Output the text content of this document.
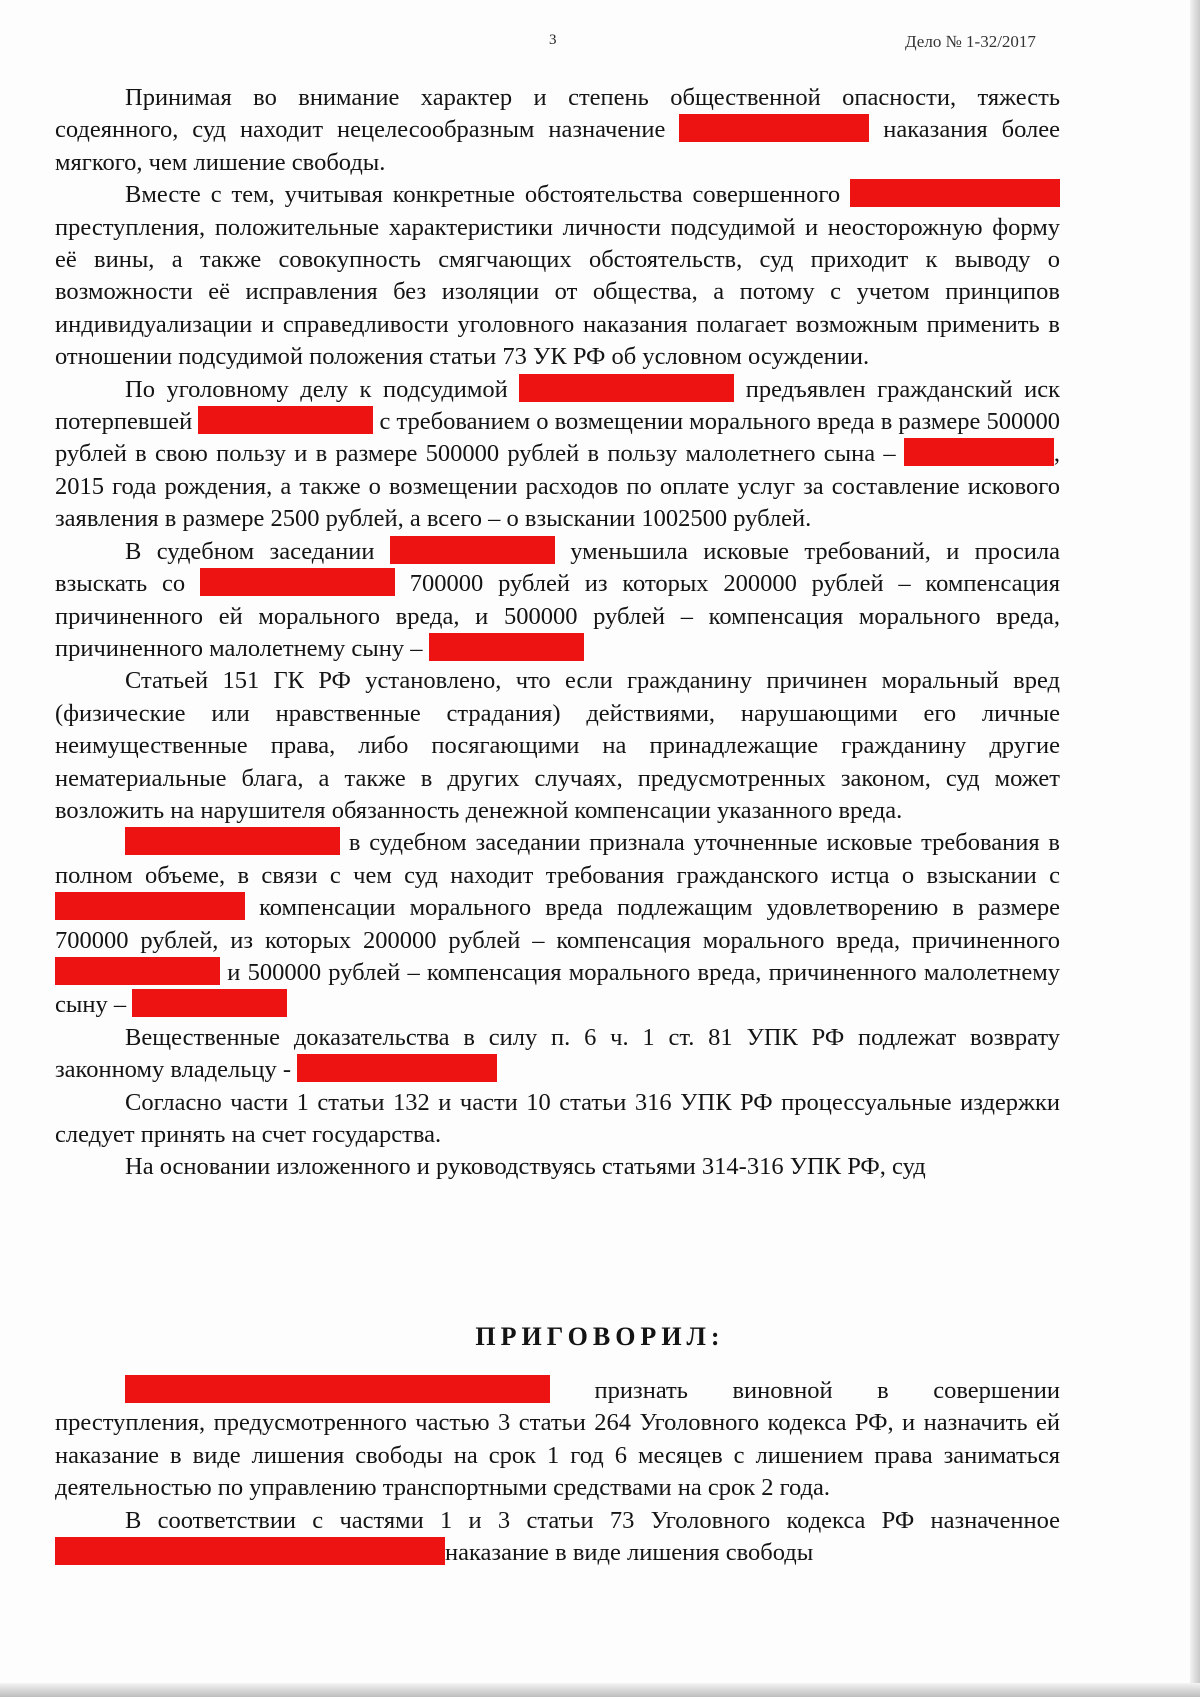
3	Дело № 1-32/2017

Принимая во внимание характер и степень общественной опасности, тяжесть содеянного, суд находит нецелесообразным назначение	наказания более мягкого, чем лишение свободы.

Вместе с тем, учитывая конкретные обстоятельства совершенного  преступления, положительные характеристики личности подсудимой и неосторожную форму её вины, а также совокупность смягчающих обстоятельств, суд приходит к выводу о возможности её исправления без изоляции от общества, а потому с учетом принципов индивидуализации и справедливости уголовного наказания полагает возможным применить в отношении подсудимой положения статьи 73 УК РФ об условном осуждении.

По уголовному делу к подсудимой	предъявлен гражданский иск потерпевшей	с требованием о возмещении морального вреда в размере 500000 рублей в свою пользу и в размере 500000 рублей в пользу малолетнего сына –	, 2015 года рождения, а также о возмещении расходов по оплате услуг за составление искового заявления в размере 2500 рублей, а всего – о взыскании 1002500 рублей.

В судебном заседании	уменьшила исковые требований, и просила взыскать со	700000 рублей из которых 200000 рублей – компенсация причиненного ей морального вреда, и 500000 рублей – компенсация морального вреда, причиненного малолетнему сыну –

Статьей 151 ГК РФ установлено, что если гражданину причинен моральный вред (физические или нравственные страдания) действиями, нарушающими его личные неимущественные права, либо посягающими на принадлежащие гражданину другие нематериальные блага, а также в других случаях, предусмотренных законом, суд может возложить на нарушителя обязанность денежной компенсации указанного вреда.

в судебном заседании признала уточненные исковые требования в полном объеме, в связи с чем суд находит требования гражданского истца о взыскании с  компенсации морального вреда подлежащим удовлетворению в размере 700000 рублей, из которых 200000 рублей – компенсация морального вреда, причиненного  и 500000 рублей – компенсация морального вреда, причиненного малолетнему сыну –

Вещественные доказательства в силу п. 6 ч. 1 ст. 81 УПК РФ подлежат возврату законному владельцу -

Согласно части 1 статьи 132 и части 10 статьи 316 УПК РФ процессуальные издержки следует принять на счет государства.

На основании изложенного и руководствуясь статьями 314-316 УПК РФ, суд

ПРИГОВОРИЛ:

признать виновной в совершении преступления, предусмотренного частью 3 статьи 264 Уголовного кодекса РФ, и назначить ей наказание в виде лишения свободы на срок 1 год 6 месяцев с лишением права заниматься деятельностью по управлению транспортными средствами на срок 2 года.

В соответствии с частями 1 и 3 статьи 73 Уголовного кодекса РФ назначенное наказание в виде лишения свободы
